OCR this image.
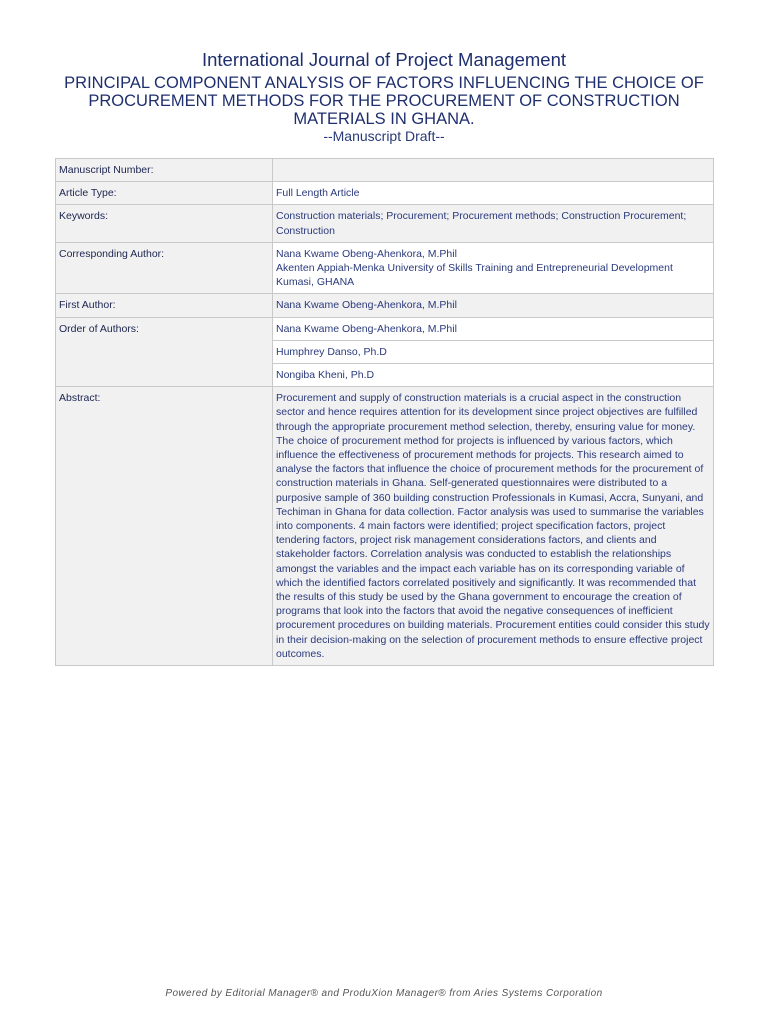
International Journal of Project Management
PRINCIPAL COMPONENT ANALYSIS OF FACTORS INFLUENCING THE CHOICE OF PROCUREMENT METHODS FOR THE PROCUREMENT OF CONSTRUCTION MATERIALS IN GHANA.
--Manuscript Draft--
Manuscript Number:	
Article Type:	Full Length Article
Keywords:	Construction materials; Procurement; Procurement methods; Construction Procurement; Construction
Corresponding Author:	Nana Kwame Obeng-Ahenkora, M.Phil
Akenten Appiah-Menka University of Skills Training and Entrepreneurial Development
Kumasi, GHANA

First Author:	Nana Kwame Obeng-Ahenkora, M.Phil
Order of Authors:	Nana Kwame Obeng-Ahenkora, M.Phil
	Humphrey Danso, Ph.D
	Nongiba Kheni, Ph.D
Abstract:	Procurement and supply of construction materials is a crucial aspect in the construction sector and hence requires attention for its development since project objectives are fulfilled through the appropriate procurement method selection, thereby, ensuring value for money. The choice of procurement method for projects is influenced by various factors, which influence the effectiveness of procurement methods for projects. This research aimed to analyse the factors that influence the choice of procurement methods for the procurement of construction materials in Ghana. Self-generated questionnaires were distributed to a purposive sample of 360 building construction Professionals in Kumasi, Accra, Sunyani, and Techiman in Ghana for data collection. Factor analysis was used to summarise the variables into components. 4 main factors were identified; project specification factors, project tendering factors, project risk management considerations factors, and clients and stakeholder factors. Correlation analysis was conducted to establish the relationships amongst the variables and the impact each variable has on its corresponding variable of which the identified factors correlated positively and significantly. It was recommended that the results of this study be used by the Ghana government to encourage the creation of programs that look into the factors that avoid the negative consequences of inefficient procurement procedures on building materials. Procurement entities could consider this study in their decision-making on the selection of procurement methods to ensure effective project outcomes.
Powered by Editorial Manager® and ProduXion Manager® from Aries Systems Corporation
